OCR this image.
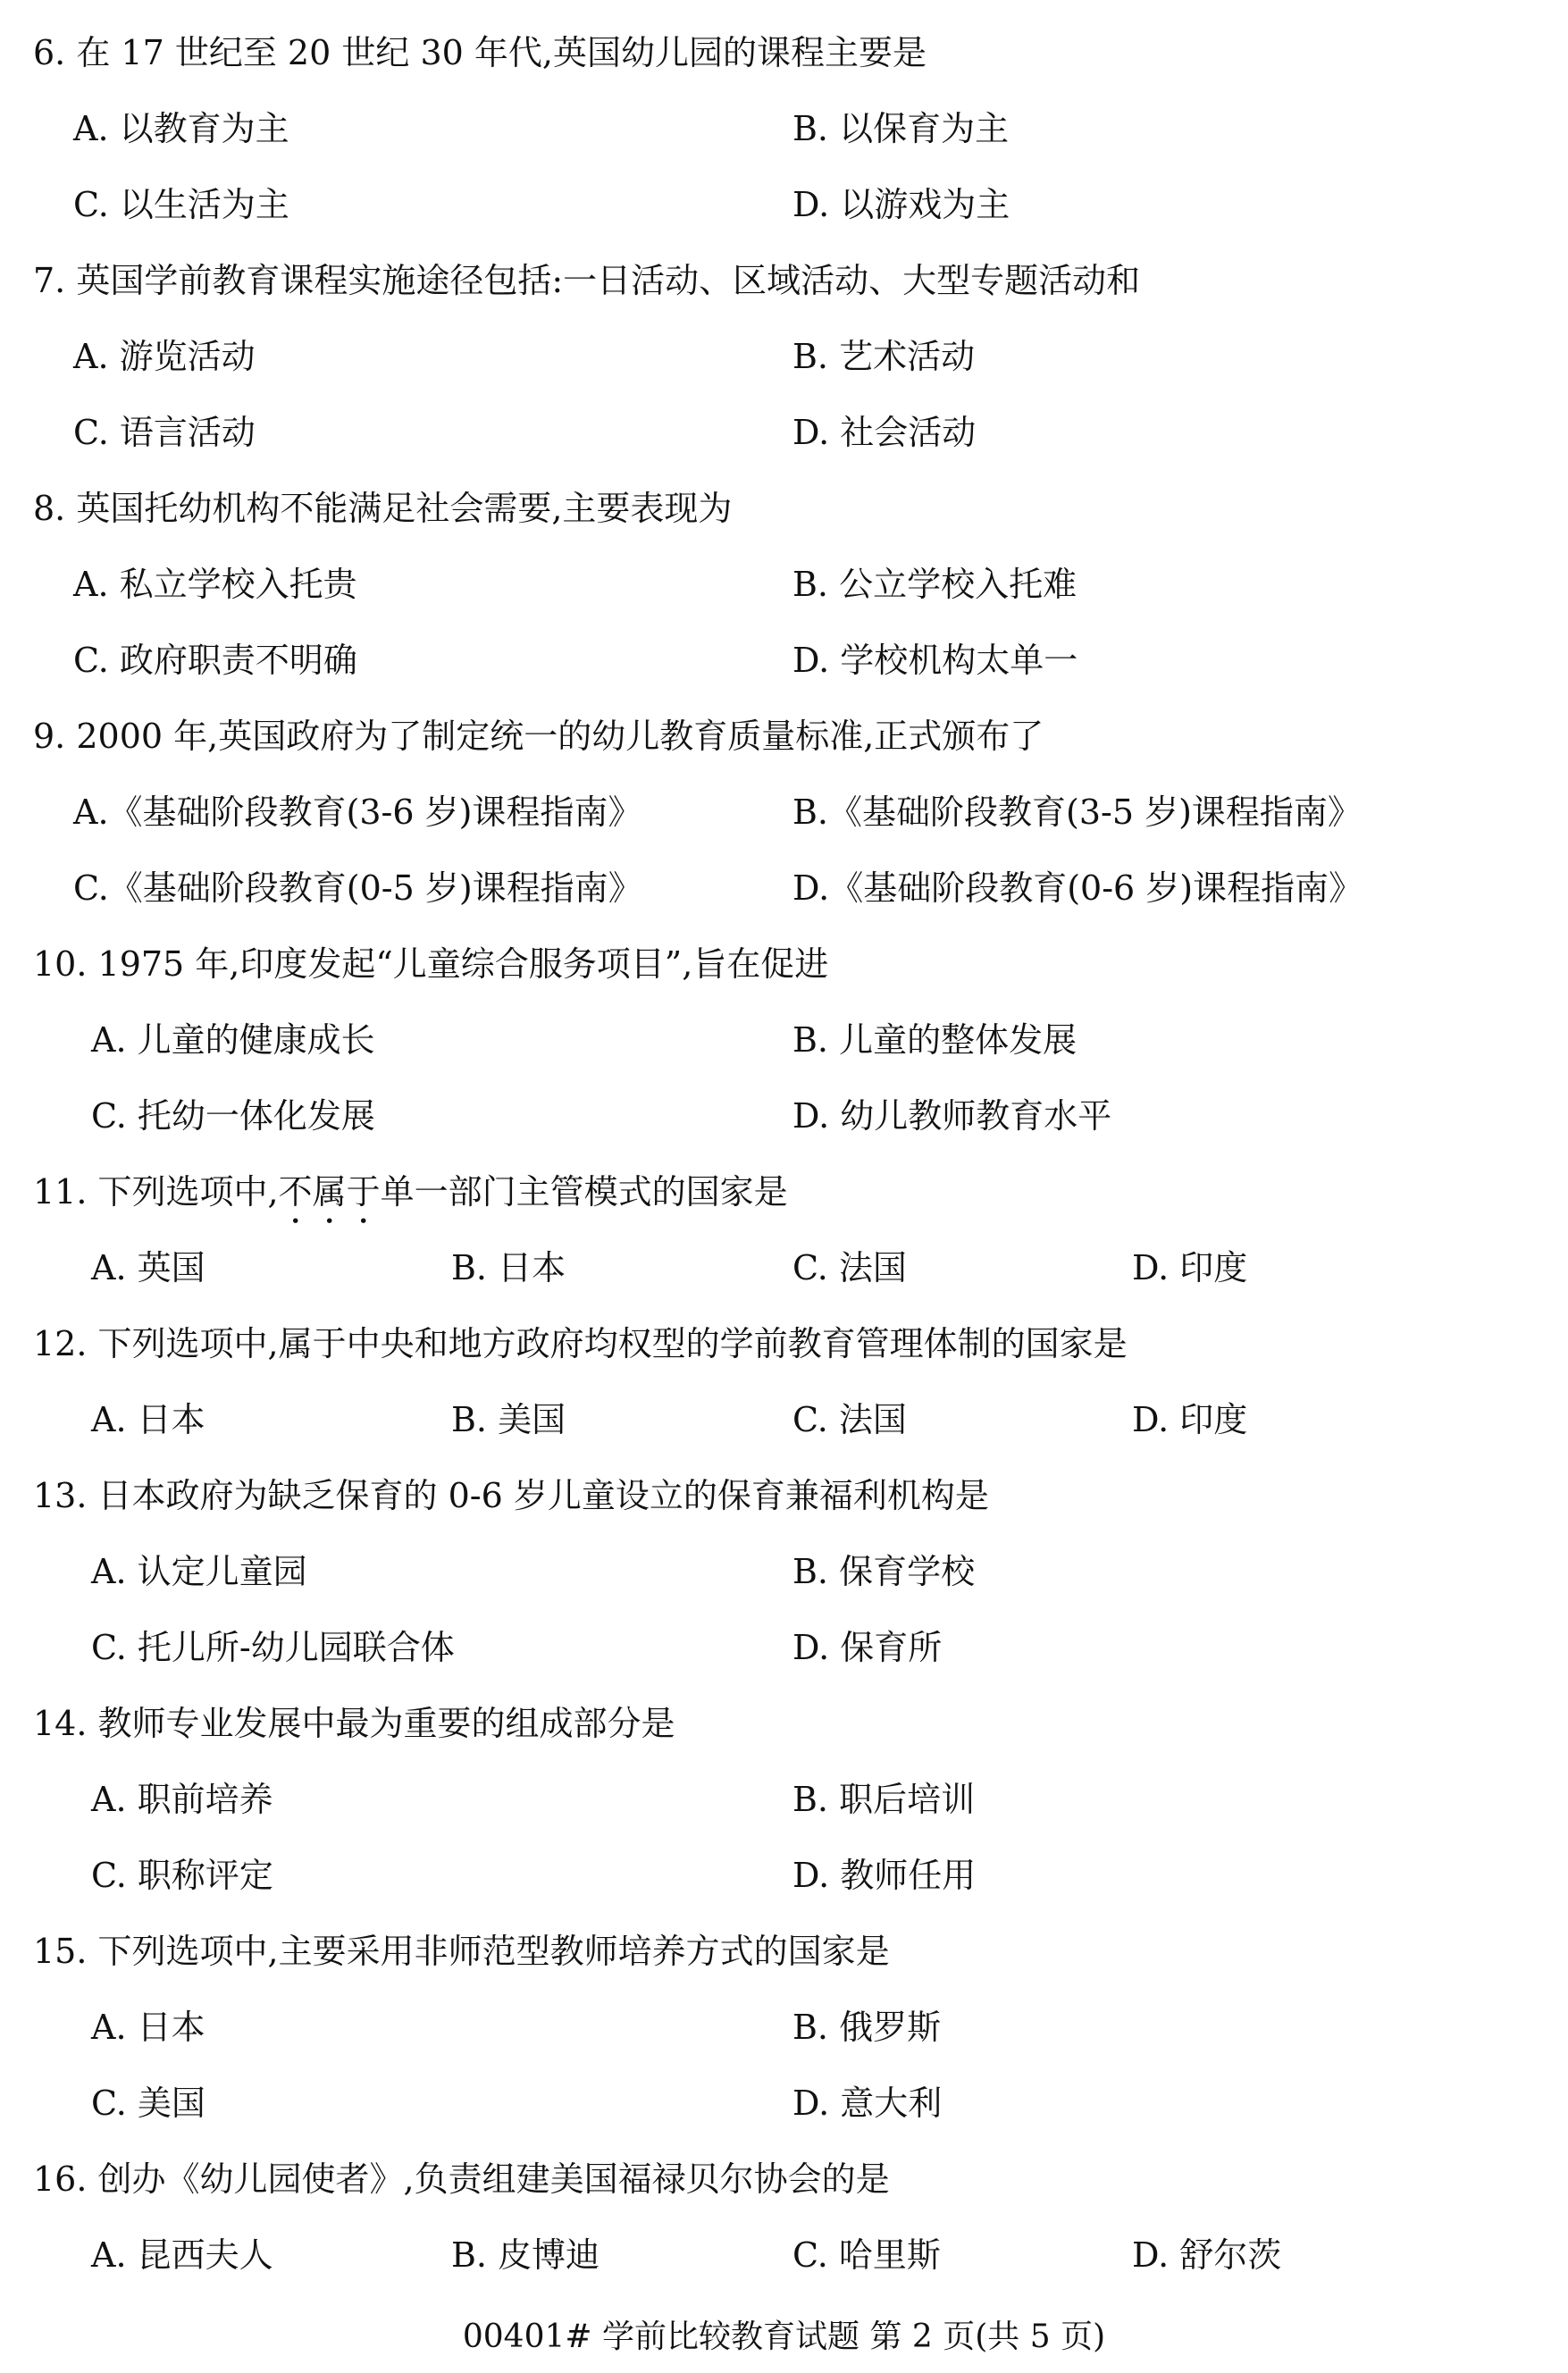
6. 在 17 世纪至 20 世纪 30 年代,英国幼儿园的课程主要是
A. 以教育为主	B. 以保育为主
C. 以生活为主	D. 以游戏为主
7. 英国学前教育课程实施途径包括:一日活动、区域活动、大型专题活动和
A. 游览活动	B. 艺术活动
C. 语言活动	D. 社会活动
8. 英国托幼机构不能满足社会需要,主要表现为
A. 私立学校入托贵	B. 公立学校入托难
C. 政府职责不明确	D. 学校机构太单一
9. 2000 年,英国政府为了制定统一的幼儿教育质量标准,正式颁布了
A.《基础阶段教育(3-6 岁)课程指南》	B.《基础阶段教育(3-5 岁)课程指南》
C.《基础阶段教育(0-5 岁)课程指南》	D.《基础阶段教育(0-6 岁)课程指南》
10. 1975 年,印度发起“儿童综合服务项目”,旨在促进
A. 儿童的健康成长	B. 儿童的整体发展
C. 托幼一体化发展	D. 幼儿教师教育水平
11. 下列选项中,不属于单一部门主管模式的国家是
A. 英国	B. 日本	C. 法国	D. 印度
12. 下列选项中,属于中央和地方政府均权型的学前教育管理体制的国家是
A. 日本	B. 美国	C. 法国	D. 印度
13. 日本政府为缺乏保育的 0-6 岁儿童设立的保育兼福利机构是
A. 认定儿童园	B. 保育学校
C. 托儿所-幼儿园联合体	D. 保育所
14. 教师专业发展中最为重要的组成部分是
A. 职前培养	B. 职后培训
C. 职称评定	D. 教师任用
15. 下列选项中,主要采用非师范型教师培养方式的国家是
A. 日本	B. 俄罗斯
C. 美国	D. 意大利
16. 创办《幼儿园使者》,负责组建美国福禄贝尔协会的是
A. 昆西夫人	B. 皮博迪	C. 哈里斯	D. 舒尔茨
00401# 学前比较教育试题 第 2 页(共 5 页)
